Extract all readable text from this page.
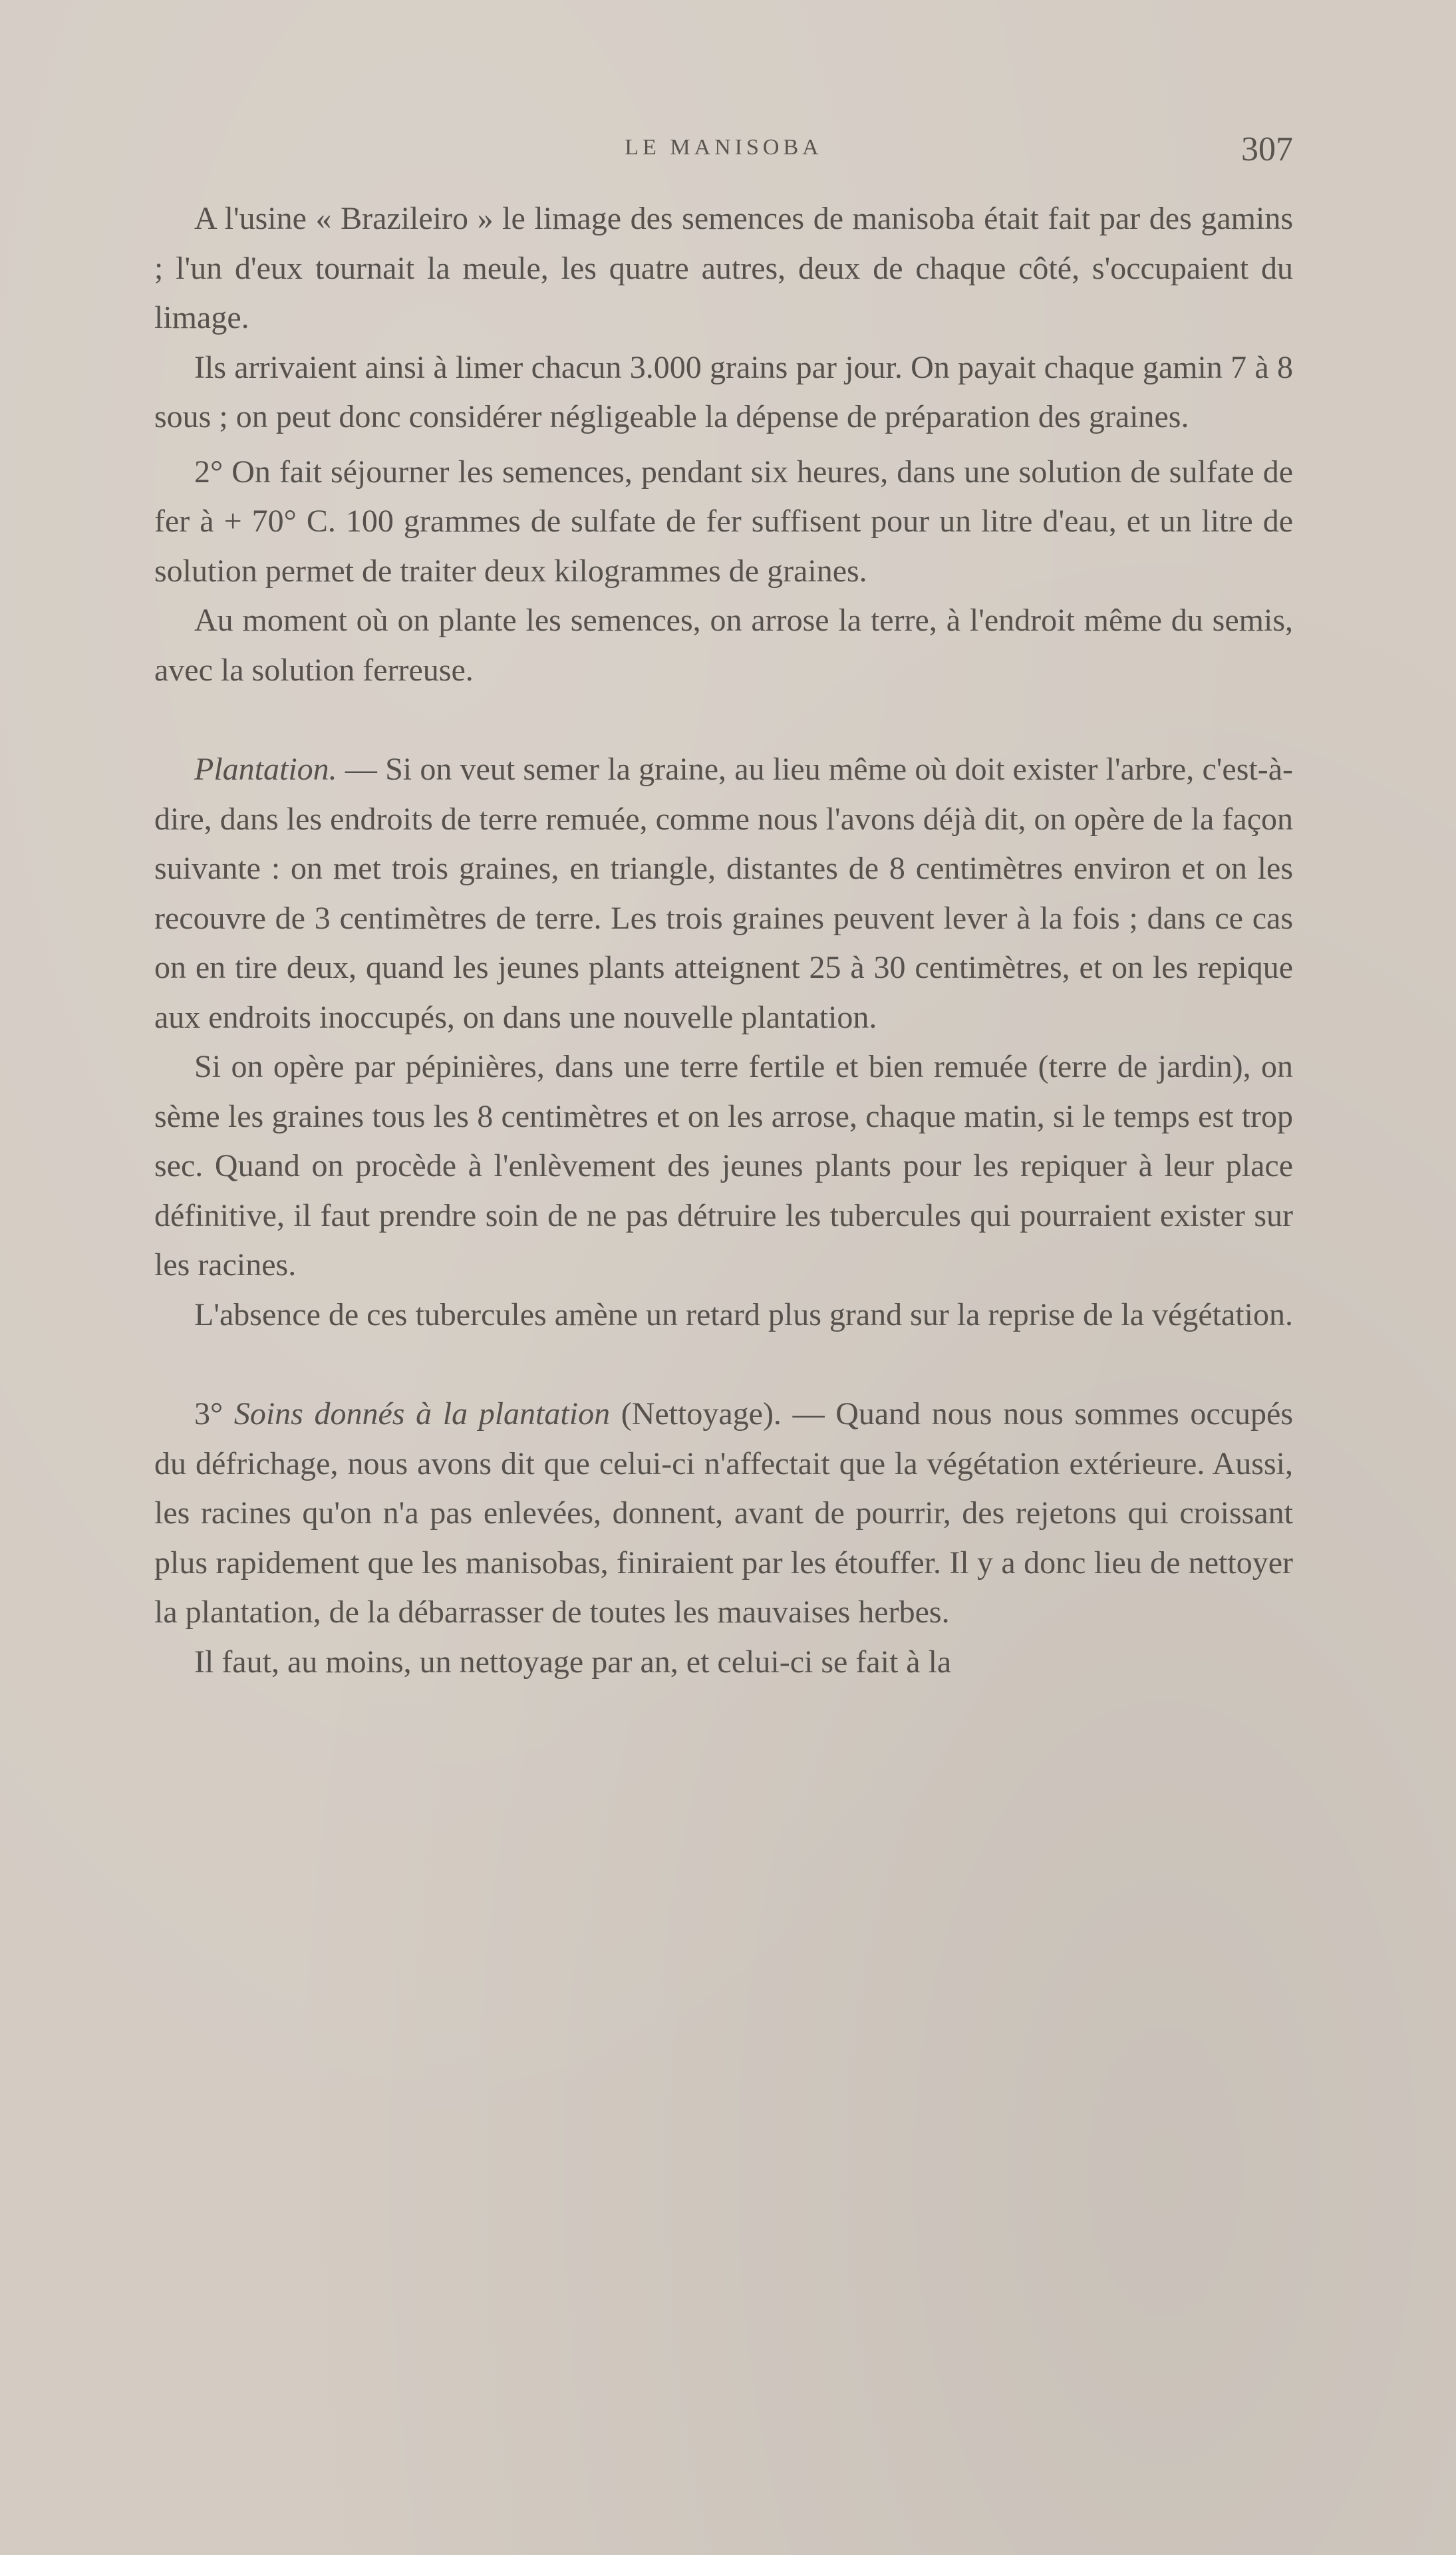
LE MANISOBA	307

A l'usine « Brazileiro » le limage des semences de manisoba était fait par des gamins ; l'un d'eux tournait la meule, les quatre autres, deux de chaque côté, s'occupaient du limage.

Ils arrivaient ainsi à limer chacun 3.000 grains par jour. On payait chaque gamin 7 à 8 sous ; on peut donc considérer négligeable la dépense de préparation des graines.

2° On fait séjourner les semences, pendant six heures, dans une solution de sulfate de fer à + 70° C. 100 grammes de sulfate de fer suffisent pour un litre d'eau, et un litre de solution permet de traiter deux kilogrammes de graines.

Au moment où on plante les semences, on arrose la terre, à l'endroit même du semis, avec la solution ferreuse.

Plantation. — Si on veut semer la graine, au lieu même où doit exister l'arbre, c'est-à-dire, dans les endroits de terre remuée, comme nous l'avons déjà dit, on opère de la façon suivante : on met trois graines, en triangle, distantes de 8 centimètres environ et on les recouvre de 3 centimètres de terre. Les trois graines peuvent lever à la fois ; dans ce cas on en tire deux, quand les jeunes plants atteignent 25 à 30 centimètres, et on les repique aux endroits inoccupés, on dans une nouvelle plantation.

Si on opère par pépinières, dans une terre fertile et bien remuée (terre de jardin), on sème les graines tous les 8 centimètres et on les arrose, chaque matin, si le temps est trop sec. Quand on procède à l'enlèvement des jeunes plants pour les repiquer à leur place définitive, il faut prendre soin de ne pas détruire les tubercules qui pourraient exister sur les racines.

L'absence de ces tubercules amène un retard plus grand sur la reprise de la végétation.

3° Soins donnés à la plantation (Nettoyage). — Quand nous nous sommes occupés du défrichage, nous avons dit que celui-ci n'affectait que la végétation extérieure. Aussi, les racines qu'on n'a pas enlevées, donnent, avant de pourrir, des rejetons qui croissant plus rapidement que les manisobas, finiraient par les étouffer. Il y a donc lieu de nettoyer la plantation, de la débarrasser de toutes les mauvaises herbes.

Il faut, au moins, un nettoyage par an, et celui-ci se fait à la
